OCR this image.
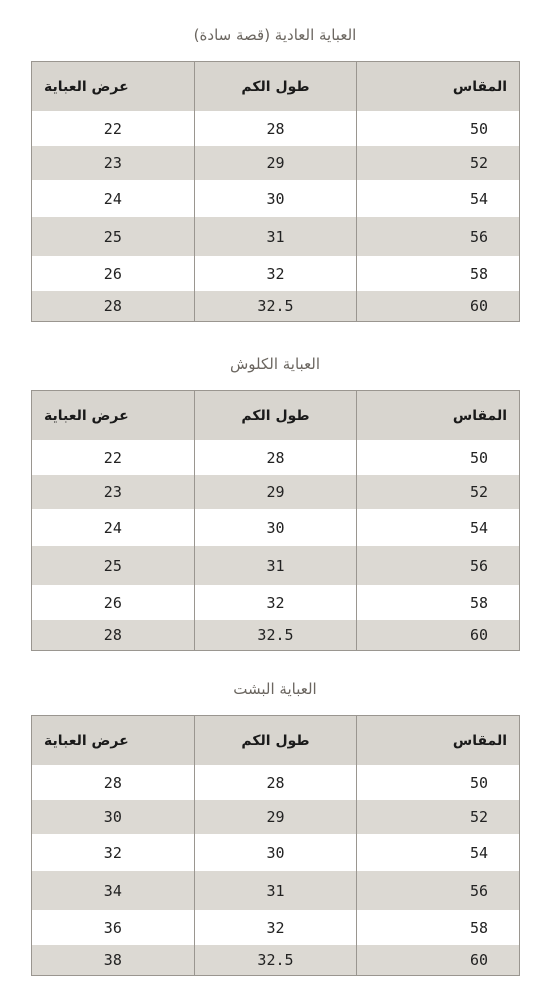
العباية العادية (قصة سادة)
عرض العباية	طول الكم	المقاس
22	28	50
23	29	52
24	30	54
25	31	56
26	32	58
28	32.5	60
العباية الكلوش
عرض العباية	طول الكم	المقاس
22	28	50
23	29	52
24	30	54
25	31	56
26	32	58
28	32.5	60
العباية البشت
عرض العباية	طول الكم	المقاس
28	28	50
30	29	52
32	30	54
34	31	56
36	32	58
38	32.5	60
